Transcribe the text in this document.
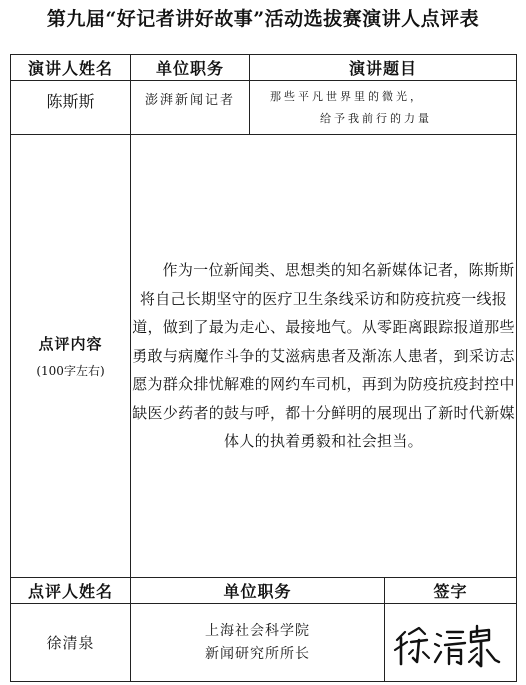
第九届“好记者讲好故事”活动选拔赛演讲人点评表
演讲人姓名	单位职务	演讲题目	
陈斯斯	澎湃新闻记者	那些平凡世界里的微光，
给予我前行的力量	

点评内容
(100字左右)	作为一位新闻类、思想类的知名新媒体记者，陈斯斯将自己长期坚守的医疗卫生条线采访和防疫抗疫一线报道，做到了最为走心、最接地气。从零距离跟踪报道那些勇敢与病魔作斗争的艾滋病患者及渐冻人患者，到采访志愿为群众排忧解难的网约车司机，再到为防疫抗疫封控中缺医少药者的鼓与呼，都十分鲜明的展现出了新时代新媒体人的执着勇毅和社会担当。		

点评人姓名	单位职务		签字
徐清泉	上海社会科学院
新闻研究所所长
